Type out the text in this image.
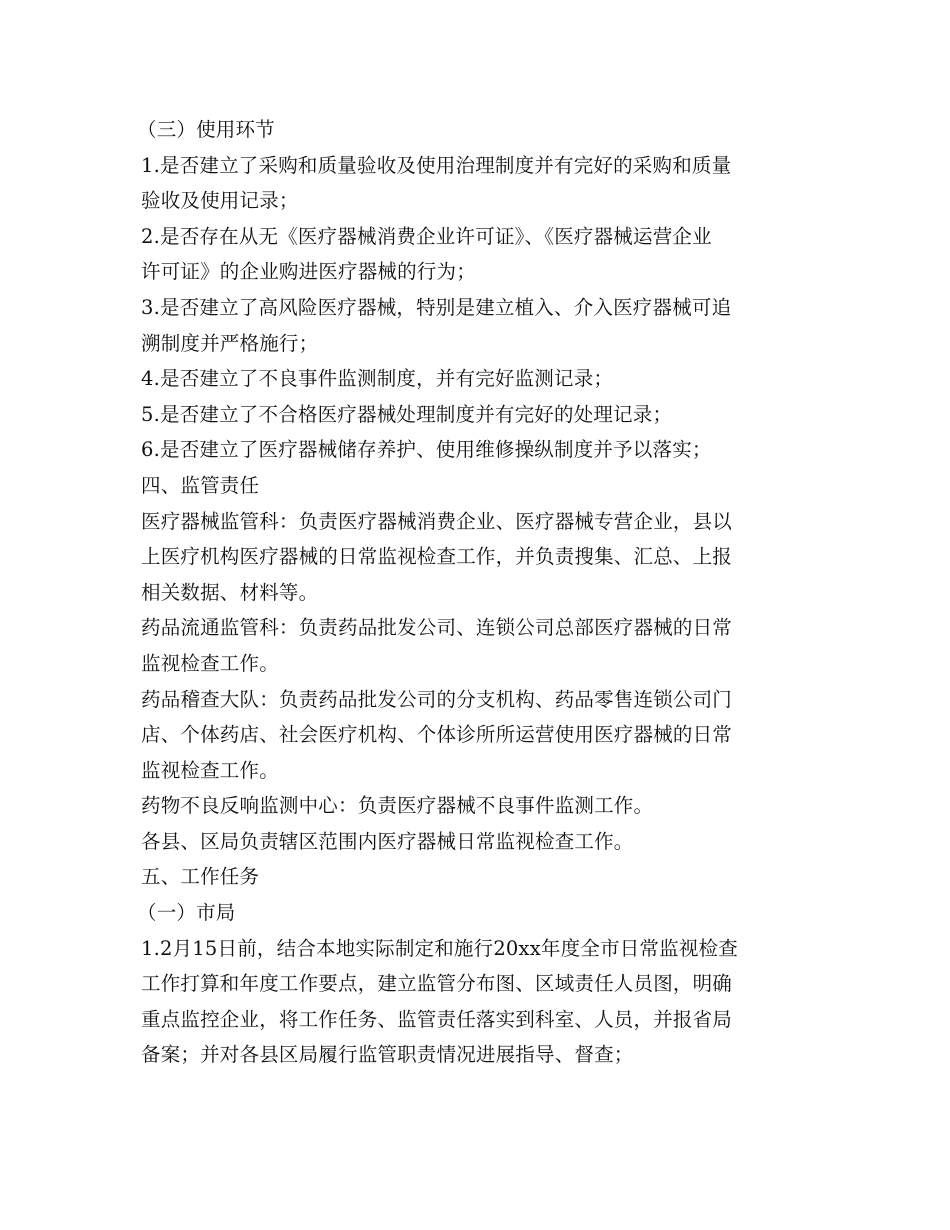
（三）使用环节
1.是否建立了采购和质量验收及使用治理制度并有完好的采购和质量
验收及使用记录；
2.是否存在从无《医疗器械消费企业许可证》、《医疗器械运营企业
许可证》的企业购进医疗器械的行为；
3.是否建立了高风险医疗器械，特别是建立植入、介入医疗器械可追
溯制度并严格施行；
4.是否建立了不良事件监测制度，并有完好监测记录；
5.是否建立了不合格医疗器械处理制度并有完好的处理记录；
6.是否建立了医疗器械储存养护、使用维修操纵制度并予以落实；
四、监管责任
医疗器械监管科：负责医疗器械消费企业、医疗器械专营企业，县以
上医疗机构医疗器械的日常监视检查工作，并负责搜集、汇总、上报
相关数据、材料等。
药品流通监管科：负责药品批发公司、连锁公司总部医疗器械的日常
监视检查工作。
药品稽查大队：负责药品批发公司的分支机构、药品零售连锁公司门
店、个体药店、社会医疗机构、个体诊所所运营使用医疗器械的日常
监视检查工作。
药物不良反响监测中心：负责医疗器械不良事件监测工作。
各县、区局负责辖区范围内医疗器械日常监视检查工作。
五、工作任务
（一）市局
1.2月15日前，结合本地实际制定和施行20xx年度全市日常监视检查
工作打算和年度工作要点，建立监管分布图、区域责任人员图，明确
重点监控企业，将工作任务、监管责任落实到科室、人员，并报省局
备案；并对各县区局履行监管职责情况进展指导、督查；
